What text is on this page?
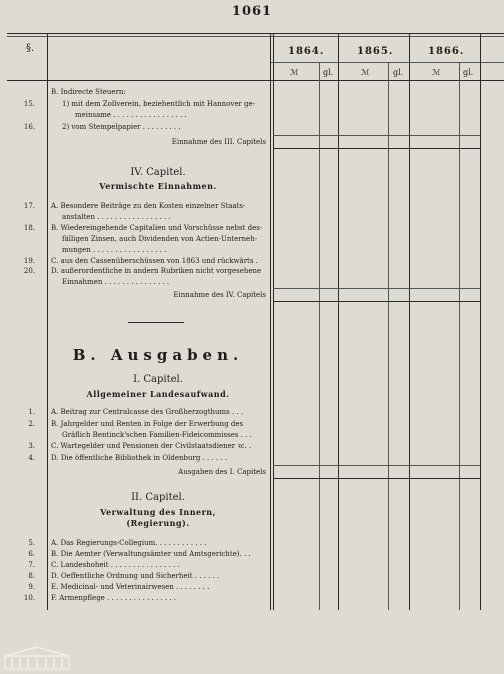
1061
§.	1864.	1865.	1866.
ℳ	gl.	ℳ	gl.	ℳ	gl.
B. Indirecte Steuern:
15.	1) mit dem Zollverein, beziehentlich mit Hannover ge-
meinsame . . . . . . . . . . . . . . . . .
16.	2) vom Stempelpapier . . . . . . . . .
Einnahme des III. Capitels
IV. Capitel.
Vermischte Einnahmen.
17. A. Besondere Beiträge zu den Kosten einzelner Staats-
anstalten . . . . . . . . . . . . . . . . .
18. B. Wiedereingehende Capitalien und Vorschüsse nebst des-
fälligen Zinsen, auch Dividenden von Actien-Unterneh-
mungen . . . . . . . . . . . . . . . . .
19. C. aus den Cassenüberschüssen von 1863 und rückwärts .
20. D. außerordentliche in andern Rubriken nicht vorgesehene
Einnahmen . . . . . . . . . . . . . . .
Einnahme des IV. Capitels
B. Ausgaben.
I. Capitel.
Allgemeiner Landesaufwand.
1. A. Beitrag zur Centralcasse des Großherzogthums . . .
2. B. Jahrgelder und Renten in Folge der Erwerbung des
Gräflich Bentinck'schen Familien-Fideicommisses . . .
3. C. Wartegelder und Pensionen der Civilstaatsdiener ꝛc. .
4. D. Die öffentliche Bibliothek in Oldenburg . . . . . .
Ausgaben des I. Capitels
II. Capitel.
Verwaltung des Innern,
(Regierung).
5. A. Das Regierungs-Collegium. . . . . . . . . . . .
6. B. Die Aemter (Verwaltungsämter und Amtsgerichte). . .
7. C. Landeshoheit . . . . . . . . . . . . . . . .
8. D. Oeffentliche Ordnung und Sicherheit . . . . . .
9. E. Medicinal- und Veterinairwesen . . . . . . . .
10. F. Armenpflege . . . . . . . . . . . . . . . .
